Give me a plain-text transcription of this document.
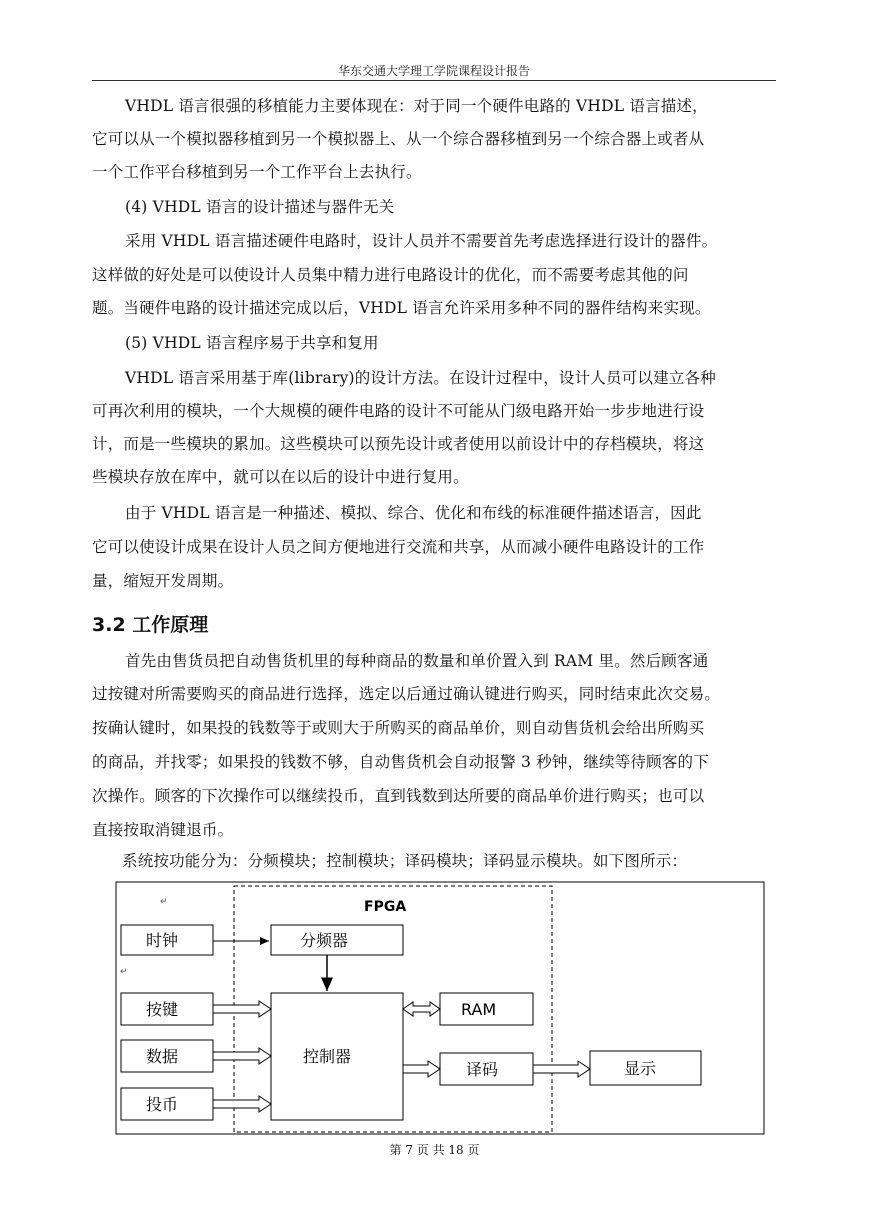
华东交通大学理工学院课程设计报告
VHDL 语言很强的移植能力主要体现在：对于同一个硬件电路的 VHDL 语言描述，
它可以从一个模拟器移植到另一个模拟器上、从一个综合器移植到另一个综合器上或者从
一个工作平台移植到另一个工作平台上去执行。
(4) VHDL 语言的设计描述与器件无关
采用 VHDL 语言描述硬件电路时，设计人员并不需要首先考虑选择进行设计的器件。
这样做的好处是可以使设计人员集中精力进行电路设计的优化，而不需要考虑其他的问
题。当硬件电路的设计描述完成以后，VHDL 语言允许采用多种不同的器件结构来实现。
(5) VHDL 语言程序易于共享和复用
VHDL 语言采用基于库(library)的设计方法。在设计过程中，设计人员可以建立各种
可再次利用的模块，一个大规模的硬件电路的设计不可能从门级电路开始一步步地进行设
计，而是一些模块的累加。这些模块可以预先设计或者使用以前设计中的存档模块，将这
些模块存放在库中，就可以在以后的设计中进行复用。
由于 VHDL 语言是一种描述、模拟、综合、优化和布线的标准硬件描述语言，因此
它可以使设计成果在设计人员之间方便地进行交流和共享，从而减小硬件电路设计的工作
量，缩短开发周期。
3.2 工作原理
首先由售货员把自动售货机里的每种商品的数量和单价置入到 RAM 里。然后顾客通
过按键对所需要购买的商品进行选择，选定以后通过确认键进行购买，同时结束此次交易。
按确认键时，如果投的钱数等于或则大于所购买的商品单价，则自动售货机会给出所购买
的商品，并找零；如果投的钱数不够，自动售货机会自动报警 3 秒钟，继续等待顾客的下
次操作。顾客的下次操作可以继续投币，直到钱数到达所要的商品单价进行购买；也可以
直接按取消键退币。
系统按功能分为：分频模块；控制模块；译码模块；译码显示模块。如下图所示：
FPGA
↵
↵
时钟
按键
数据
投币
分频器
控制器
RAM
译码	显示
第 7 页 共 18 页
